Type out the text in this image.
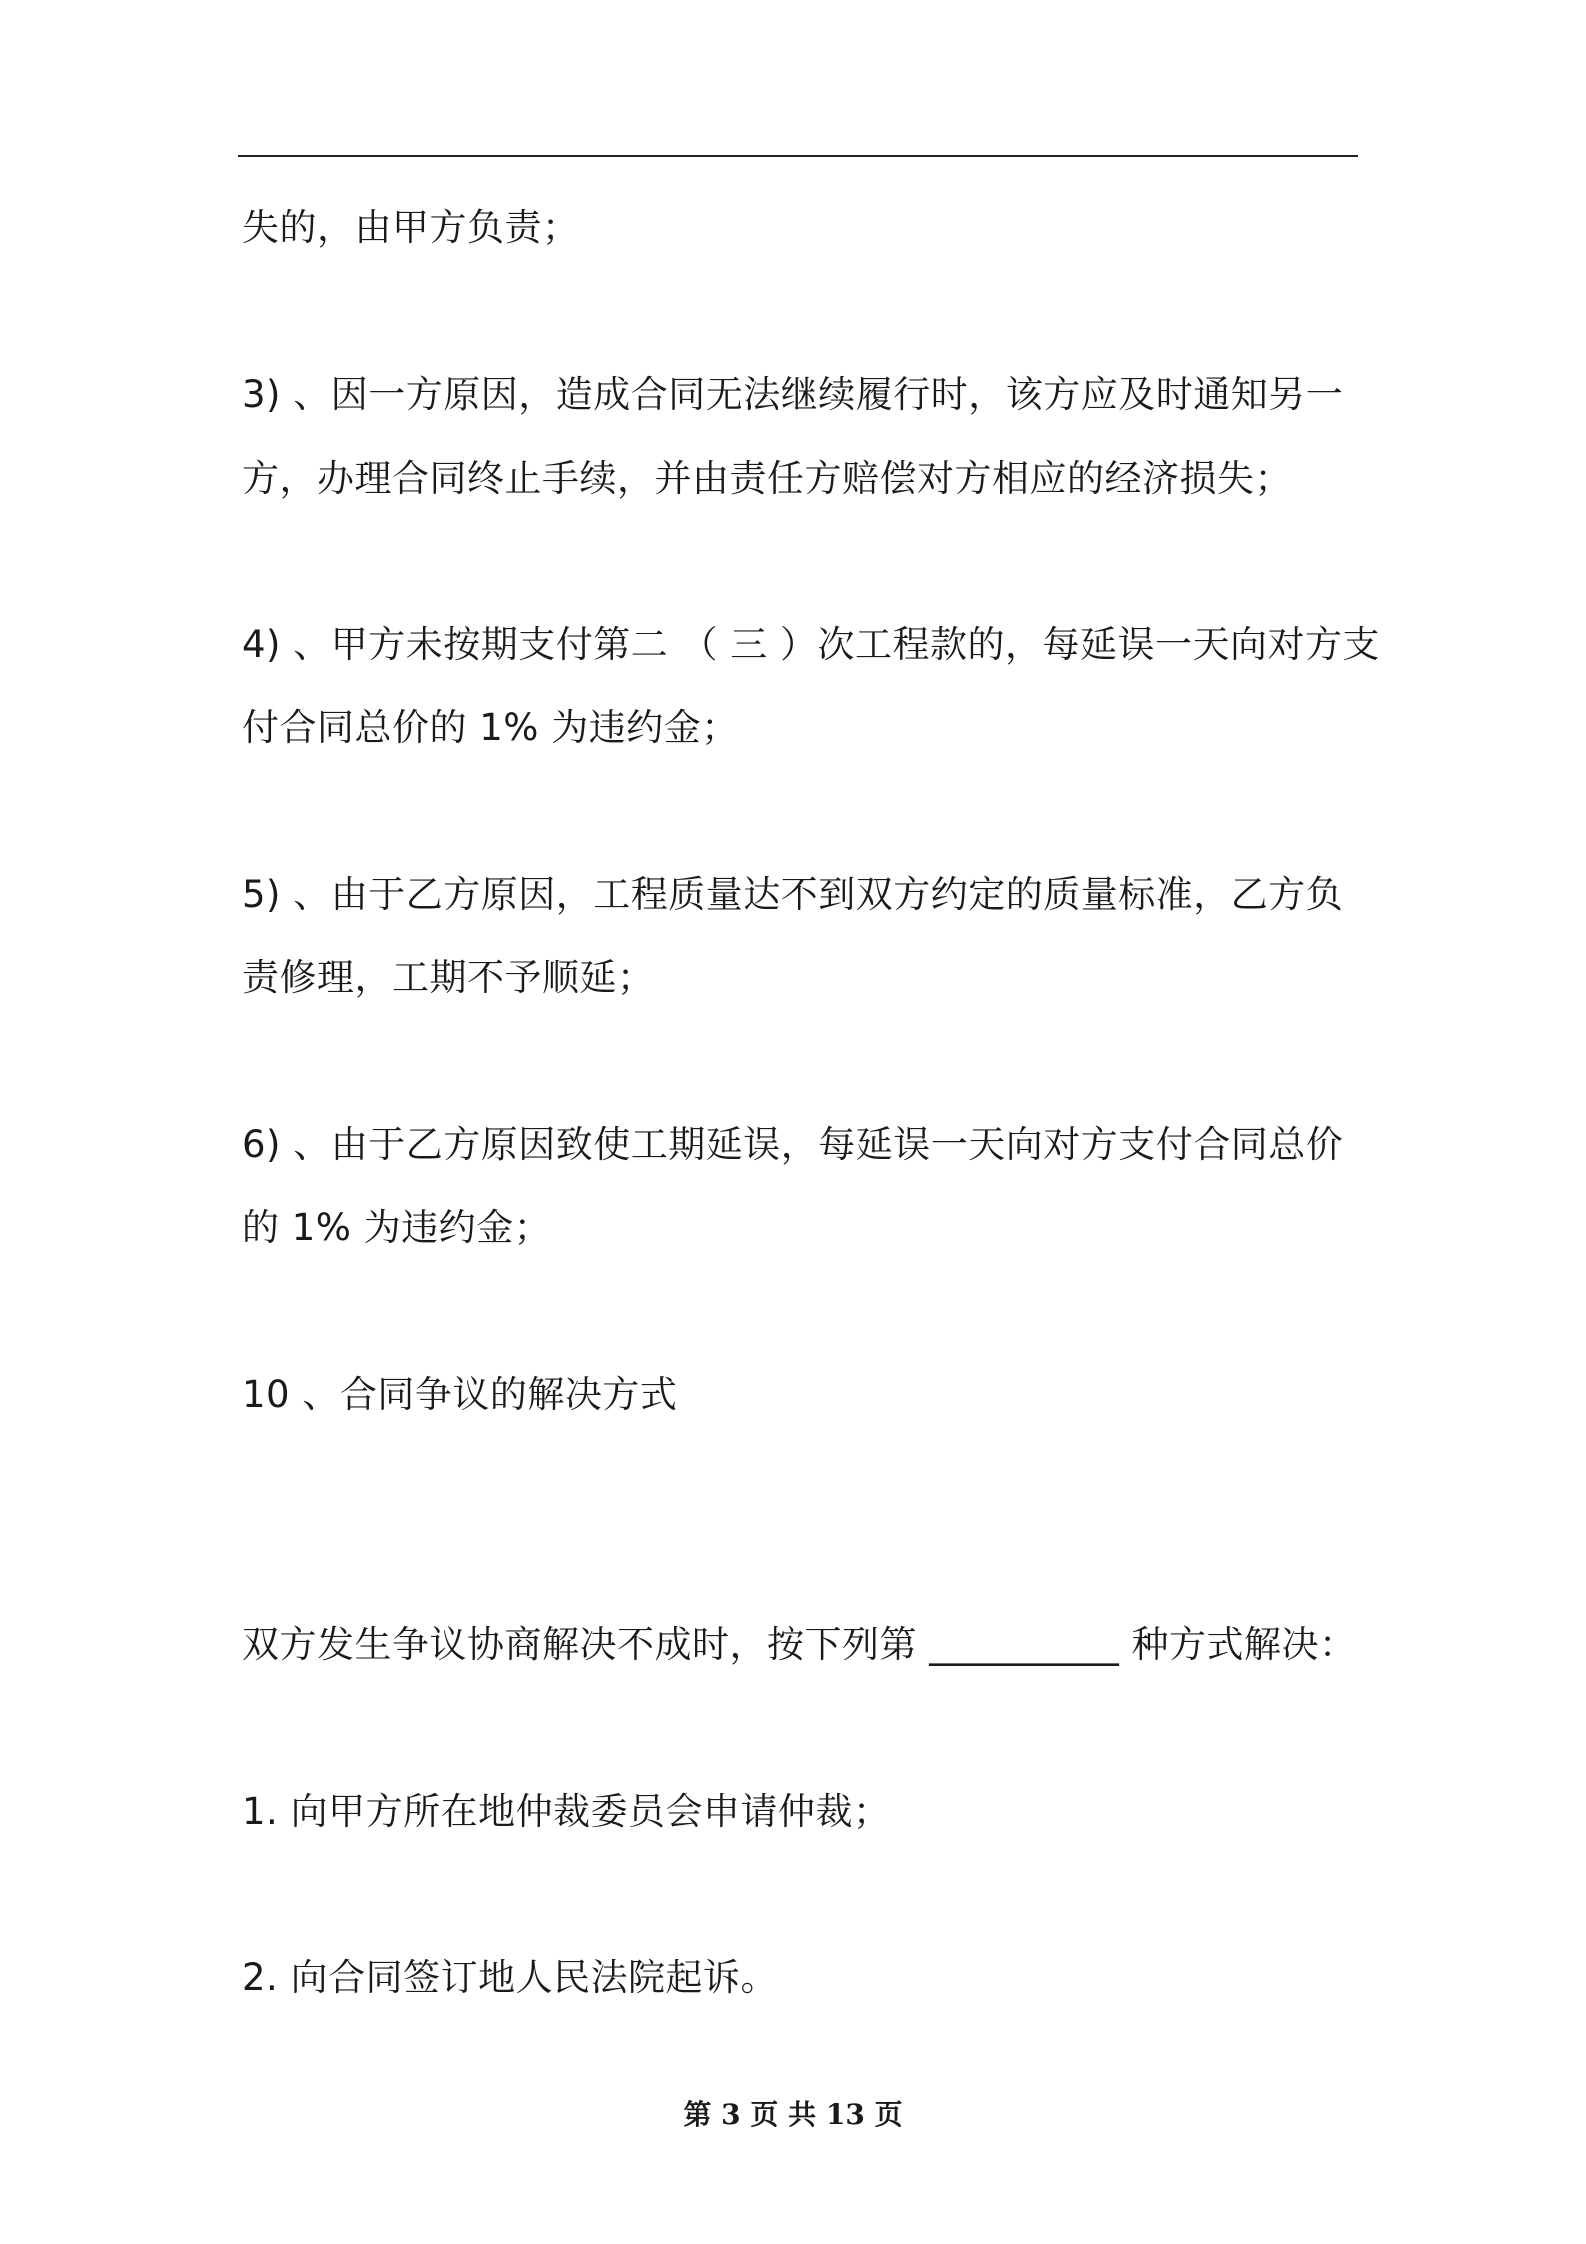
失的，由甲方负责；
3) 、因一方原因，造成合同无法继续履行时，该方应及时通知另一
方，办理合同终止手续，并由责任方赔偿对方相应的经济损失；
4) 、甲方未按期支付第二 （ 三 ）次工程款的，每延误一天向对方支
付合同总价的 1% 为违约金；
5) 、由于乙方原因，工程质量达不到双方约定的质量标准，乙方负
责修理，工期不予顺延；
6) 、由于乙方原因致使工期延误，每延误一天向对方支付合同总价
的 1% 为违约金；
10 、合同争议的解决方式
双方发生争议协商解决不成时，按下列第 __________ 种方式解决：
1. 向甲方所在地仲裁委员会申请仲裁；
2. 向合同签订地人民法院起诉。
第 3 页 共 13 页
